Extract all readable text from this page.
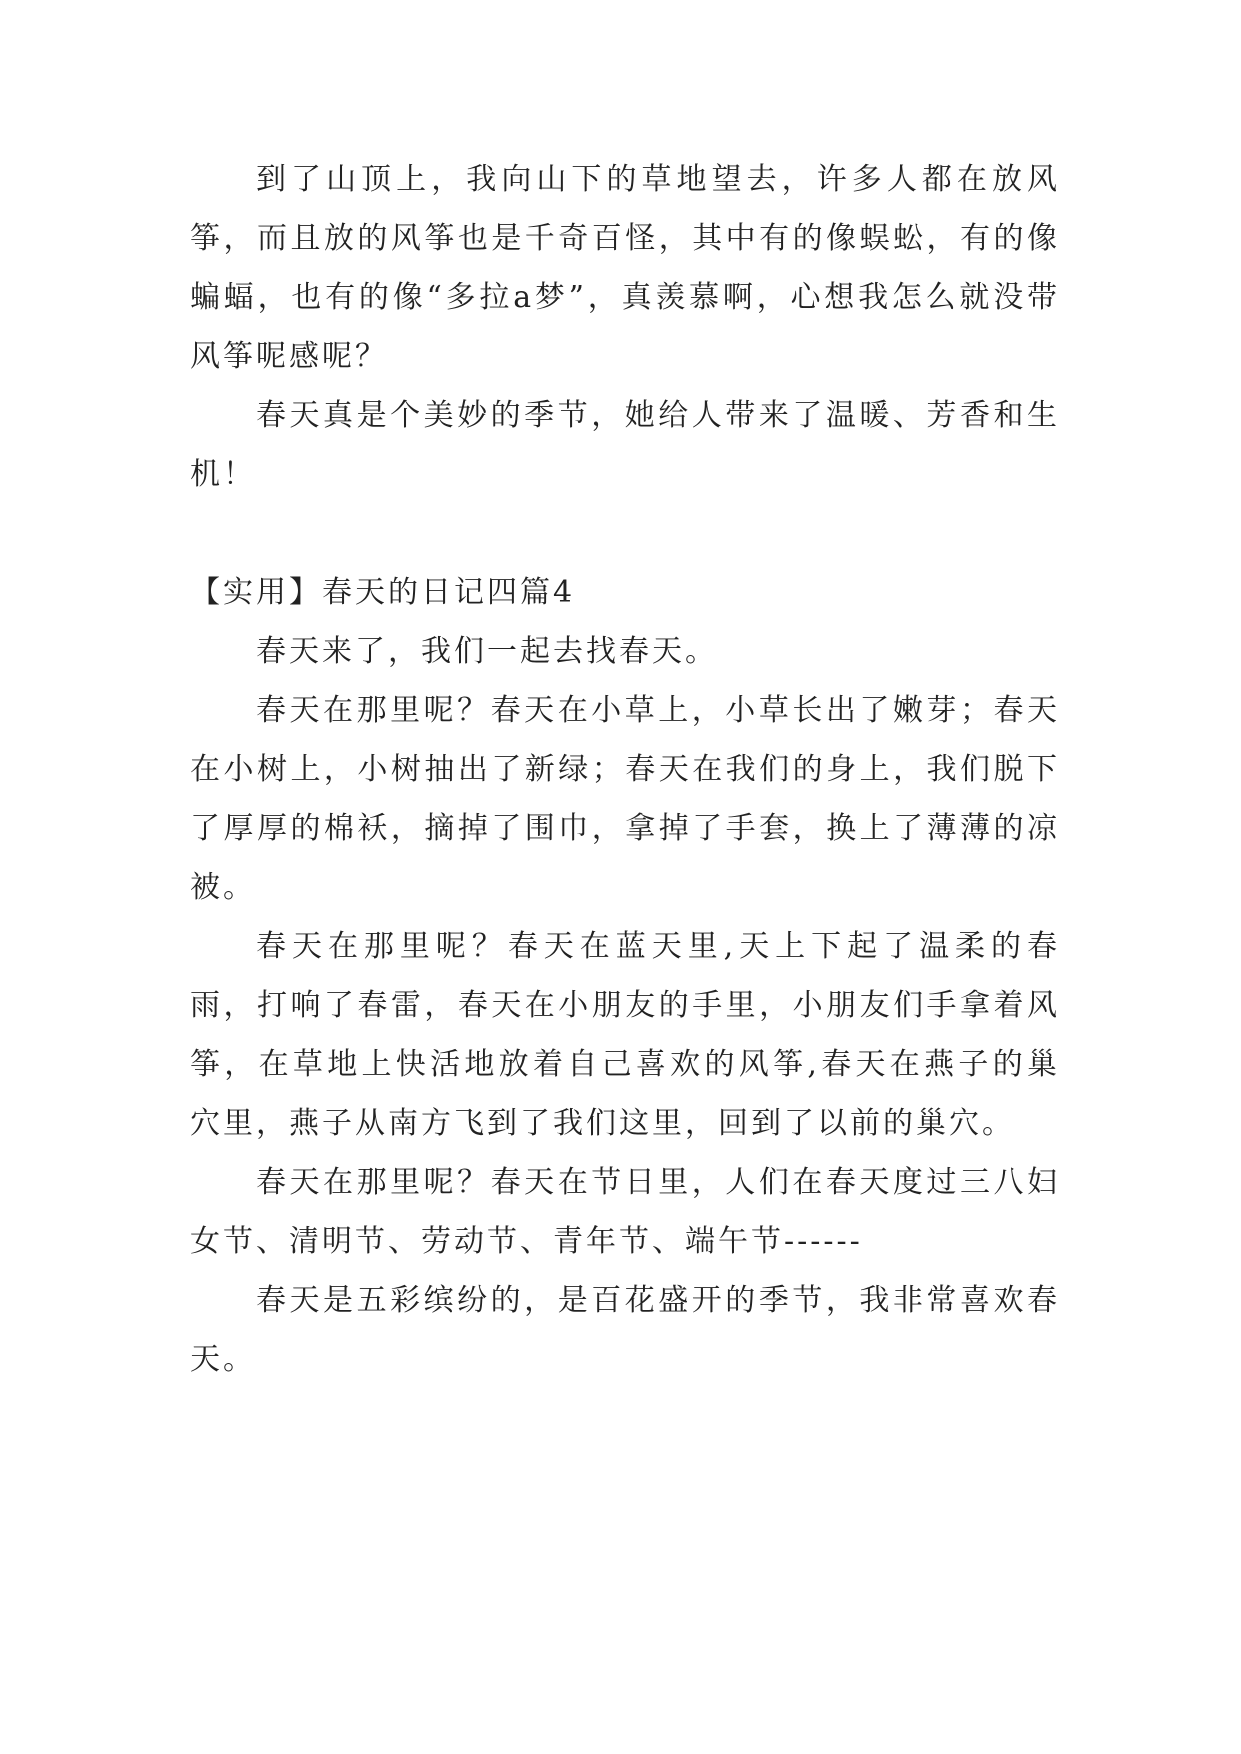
到了山顶上，我向山下的草地望去，许多人都在放风筝，而且放的风筝也是千奇百怪，其中有的像蜈蚣，有的像蝙蝠，也有的像“多拉a梦”，真羡慕啊，心想我怎么就没带风筝呢感呢？

春天真是个美妙的季节，她给人带来了温暖、芳香和生机！

【实用】春天的日记四篇4

春天来了，我们一起去找春天。

春天在那里呢？春天在小草上，小草长出了嫩芽；春天在小树上，小树抽出了新绿；春天在我们的身上，我们脱下了厚厚的棉袄，摘掉了围巾，拿掉了手套，换上了薄薄的凉被。

春天在那里呢？春天在蓝天里,天上下起了温柔的春雨，打响了春雷，春天在小朋友的手里，小朋友们手拿着风筝，在草地上快活地放着自己喜欢的风筝,春天在燕子的巢穴里，燕子从南方飞到了我们这里，回到了以前的巢穴。

春天在那里呢？春天在节日里，人们在春天度过三八妇女节、清明节、劳动节、青年节、端午节------

春天是五彩缤纷的，是百花盛开的季节，我非常喜欢春天。
